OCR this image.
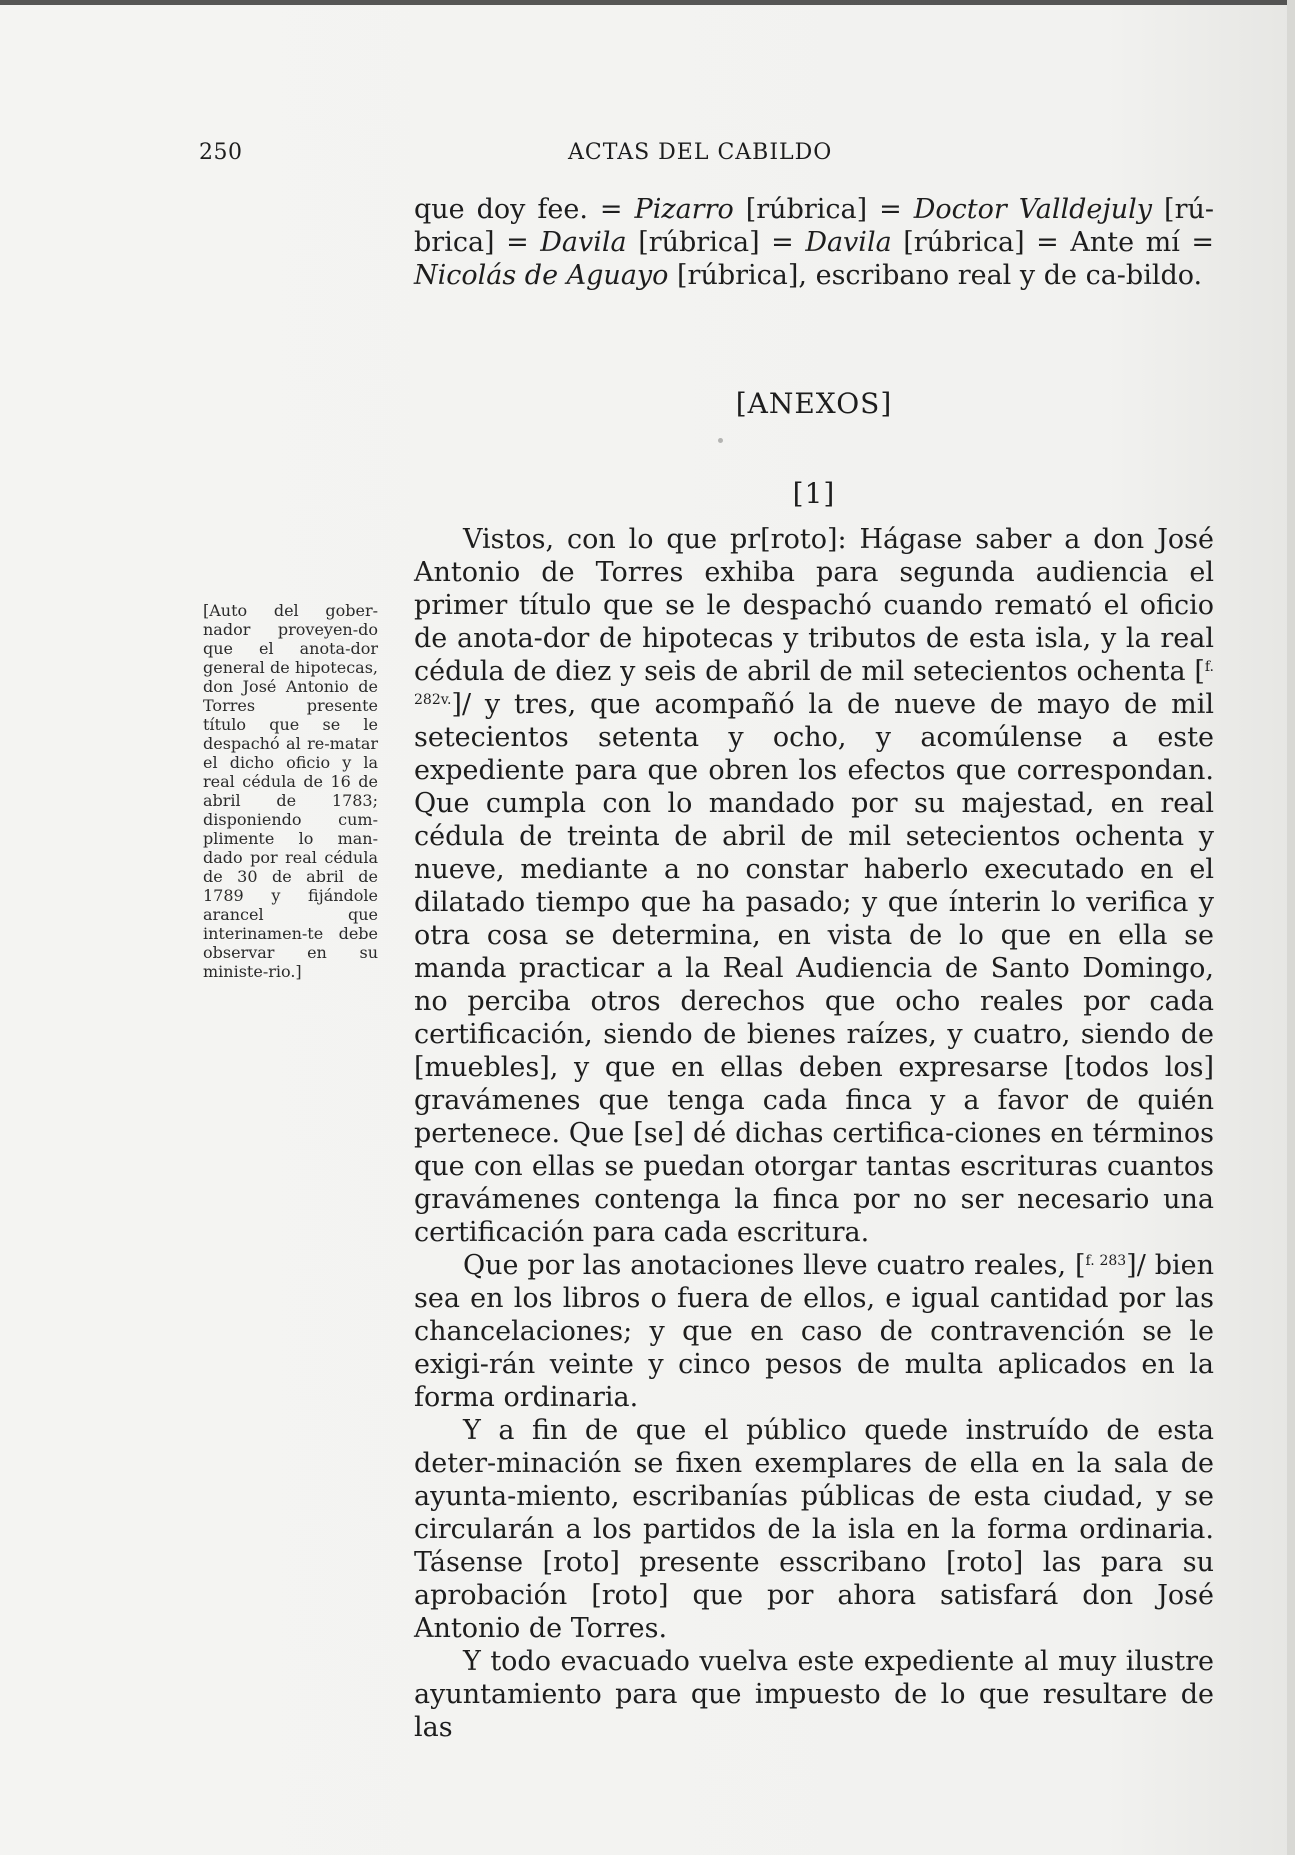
250	ACTAS DEL CABILDO

que doy fee. = Pizarro [rúbrica] = Doctor Valldejuly [rú-brica] = Davila [rúbrica] = Davila [rúbrica] = Ante mí = Nicolás de Aguayo [rúbrica], escribano real y de ca-bildo.

[ANEXOS]
[1]
[Auto del gober-nador proveyen-do que el anota-dor general de hipotecas, don José Antonio de Torres presente título que se le despachó al re-matar el dicho oficio y la real cédula de 16 de abril de 1783; disponiendo cum-plimente lo man-dado por real cédula de 30 de abril de 1789 y fijándole arancel que interinamen-te debe observar en su ministe-rio.]

Vistos, con lo que pr[roto]: Hágase saber a don José Antonio de Torres exhiba para segunda audiencia el primer título que se le despachó cuando remató el oficio de anota-dor de hipotecas y tributos de esta isla, y la real cédula de diez y seis de abril de mil setecientos ochenta [$^{f. 282v.}$]/ y tres, que acompañó la de nueve de mayo de mil setecientos setenta y ocho, y acomúlense a este expediente para que obren los efectos que correspondan. Que cumpla con lo mandado por su majestad, en real cédula de treinta de abril de mil setecientos ochenta y nueve, mediante a no constar haberlo executado en el dilatado tiempo que ha pasado; y que ínterin lo verifica y otra cosa se determina, en vista de lo que en ella se manda practicar a la Real Audiencia de Santo Domingo, no perciba otros derechos que ocho reales por cada certificación, siendo de bienes raízes, y cuatro, siendo de [muebles], y que en ellas deben expresarse [todos los] gravámenes que tenga cada finca y a favor de quién pertenece. Que [se] dé dichas certifica-ciones en términos que con ellas se puedan otorgar tantas escrituras cuantos gravámenes contenga la finca por no ser necesario una certificación para cada escritura.

Que por las anotaciones lleve cuatro reales, [$^{f. 283}$]/ bien sea en los libros o fuera de ellos, e igual cantidad por las chancelaciones; y que en caso de contravención se le exigi-rán veinte y cinco pesos de multa aplicados en la forma ordinaria.

Y a fin de que el público quede instruído de esta deter-minación se fixen exemplares de ella en la sala de ayunta-miento, escribanías públicas de esta ciudad, y se circularán a los partidos de la isla en la forma ordinaria. Tásense [roto] presente esscribano [roto] las para su aprobación [roto] que por ahora satisfará don José Antonio de Torres.

Y todo evacuado vuelva este expediente al muy ilustre ayuntamiento para que impuesto de lo que resultare de las
